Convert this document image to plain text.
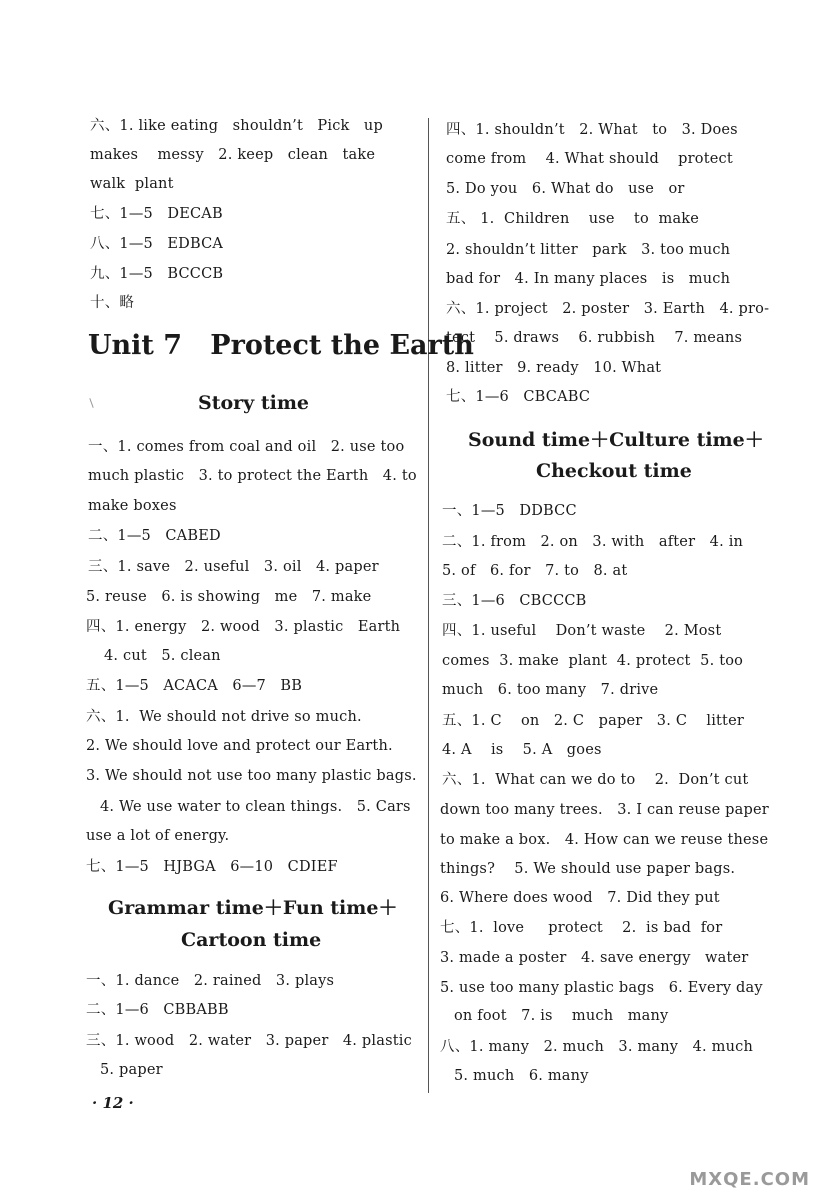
六、1. like eating   shouldn’t   Pick   up
makes    messy   2. keep   clean   take
walk  plant
七、1—5   DECAB
八、1—5   EDBCA
九、1—5   BCCCB
十、略
一、1. comes from coal and oil   2. use too
much plastic   3. to protect the Earth   4. to
make boxes
二、1—5   CABED
三、1. save   2. useful   3. oil   4. paper
5. reuse   6. is showing   me   7. make
四、1. energy   2. wood   3. plastic   Earth
4. cut   5. clean
五、1—5   ACACA   6—7   BB
六、1.  We should not drive so much.
2. We should love and protect our Earth.
3. We should not use too many plastic bags.
4. We use water to clean things.   5. Cars
use a lot of energy.
七、1—5   HJBGA   6—10   CDIEF
一、1. dance   2. rained   3. plays
二、1—6   CBBABB
三、1. wood   2. water   3. paper   4. plastic
5. paper
四、1. shouldn’t   2. What   to   3. Does
come from    4. What should    protect
5. Do you   6. What do   use   or
五、 1.  Children    use    to  make
2. shouldn’t litter   park   3. too much
bad for   4. In many places   is   much
六、1. project   2. poster   3. Earth   4. pro-
tect    5. draws    6. rubbish    7. means
8. litter   9. ready   10. What
七、1—6   CBCABC
一、1—5   DDBCC
二、1. from   2. on   3. with   after   4. in
5. of   6. for   7. to   8. at
三、1—6   CBCCCB
四、1. useful    Don’t waste    2. Most
comes  3. make  plant  4. protect  5. too
much   6. too many   7. drive
五、1. C    on   2. C   paper   3. C    litter
4. A    is    5. A   goes
六、1.  What can we do to    2.  Don’t cut
down too many trees.   3. I can reuse paper
to make a box.   4. How can we reuse these
things?    5. We should use paper bags.
6. Where does wood   7. Did they put
七、1.  love     protect    2.  is bad  for
3. made a poster   4. save energy   water
5. use too many plastic bags   6. Every day
on foot   7. is    much   many
八、1. many   2. much   3. many   4. much
5. much   6. many
Unit 7   Protect the Earth
Story time
Grammar time＋Fun time＋
Cartoon time
Sound time＋Culture time＋
Checkout time
· 12 ·
MXQE.COM
